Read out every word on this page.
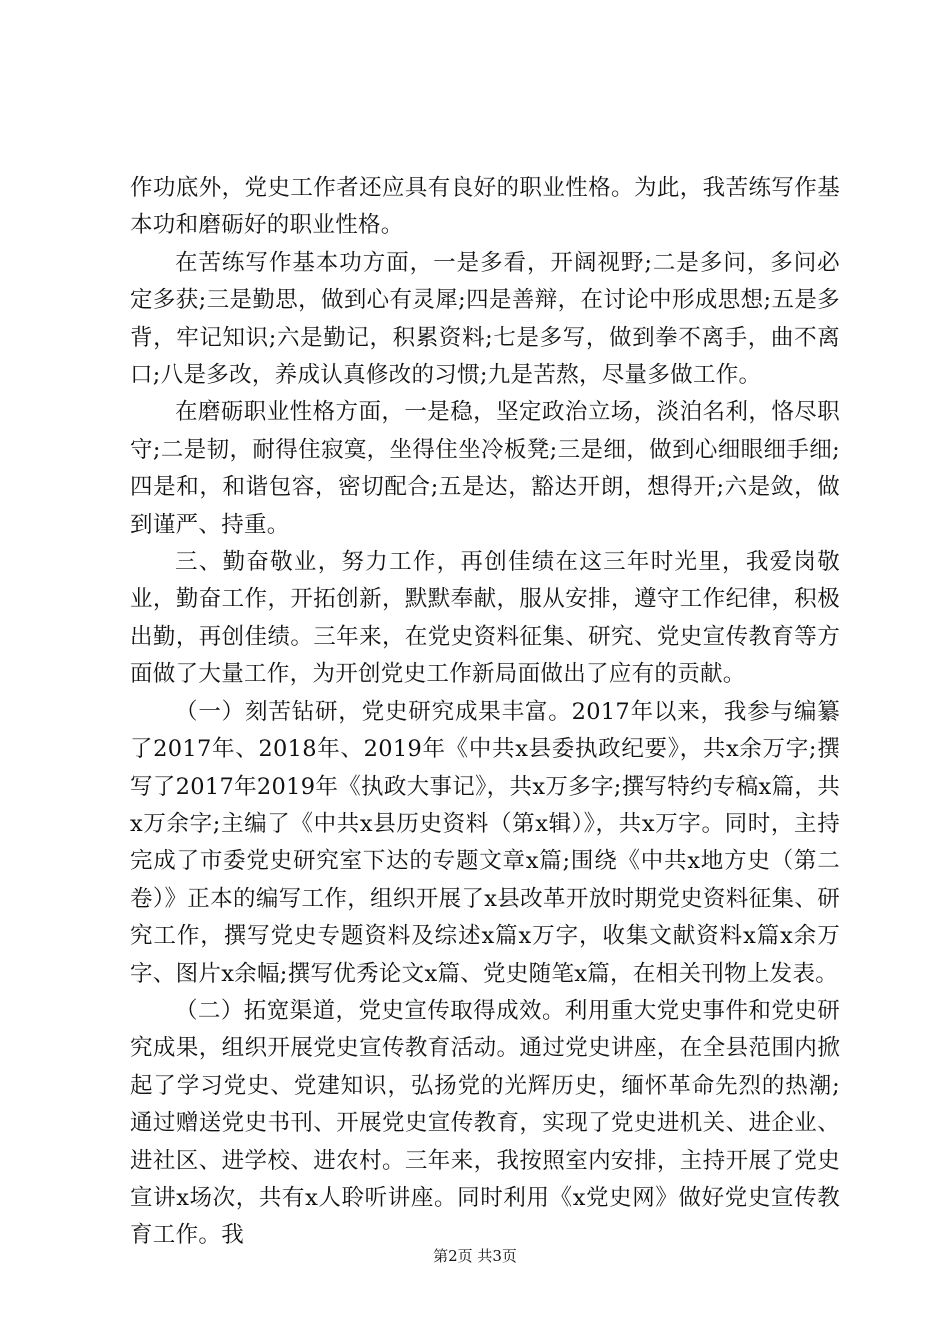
作功底外，党史工作者还应具有良好的职业性格。为此，我苦练写作基本功和磨砺好的职业性格。

在苦练写作基本功方面，一是多看，开阔视野;二是多问，多问必定多获;三是勤思，做到心有灵犀;四是善辩，在讨论中形成思想;五是多背，牢记知识;六是勤记，积累资料;七是多写，做到拳不离手，曲不离口;八是多改，养成认真修改的习惯;九是苦熬，尽量多做工作。

在磨砺职业性格方面，一是稳，坚定政治立场，淡泊名利，恪尽职守;二是韧，耐得住寂寞，坐得住坐冷板凳;三是细，做到心细眼细手细;四是和，和谐包容，密切配合;五是达，豁达开朗，想得开;六是敛，做到谨严、持重。

三、勤奋敬业，努力工作，再创佳绩在这三年时光里，我爱岗敬业，勤奋工作，开拓创新，默默奉献，服从安排，遵守工作纪律，积极出勤，再创佳绩。三年来，在党史资料征集、研究、党史宣传教育等方面做了大量工作，为开创党史工作新局面做出了应有的贡献。

（一）刻苦钻研，党史研究成果丰富。2017年以来，我参与编纂了2017年、2018年、2019年《中共x县委执政纪要》，共x余万字;撰写了2017年2019年《执政大事记》，共x万多字;撰写特约专稿x篇，共x万余字;主编了《中共x县历史资料（第x辑）》，共x万字。同时，主持完成了市委党史研究室下达的专题文章x篇;围绕《中共x地方史（第二卷）》正本的编写工作，组织开展了x县改革开放时期党史资料征集、研究工作，撰写党史专题资料及综述x篇x万字，收集文献资料x篇x余万字、图片x余幅;撰写优秀论文x篇、党史随笔x篇，在相关刊物上发表。

（二）拓宽渠道，党史宣传取得成效。利用重大党史事件和党史研究成果，组织开展党史宣传教育活动。通过党史讲座，在全县范围内掀起了学习党史、党建知识，弘扬党的光辉历史，缅怀革命先烈的热潮;通过赠送党史书刊、开展党史宣传教育，实现了党史进机关、进企业、进社区、进学校、进农村。三年来，我按照室内安排，主持开展了党史宣讲x场次，共有x人聆听讲座。同时利用《x党史网》做好党史宣传教育工作。我

第2页 共3页
